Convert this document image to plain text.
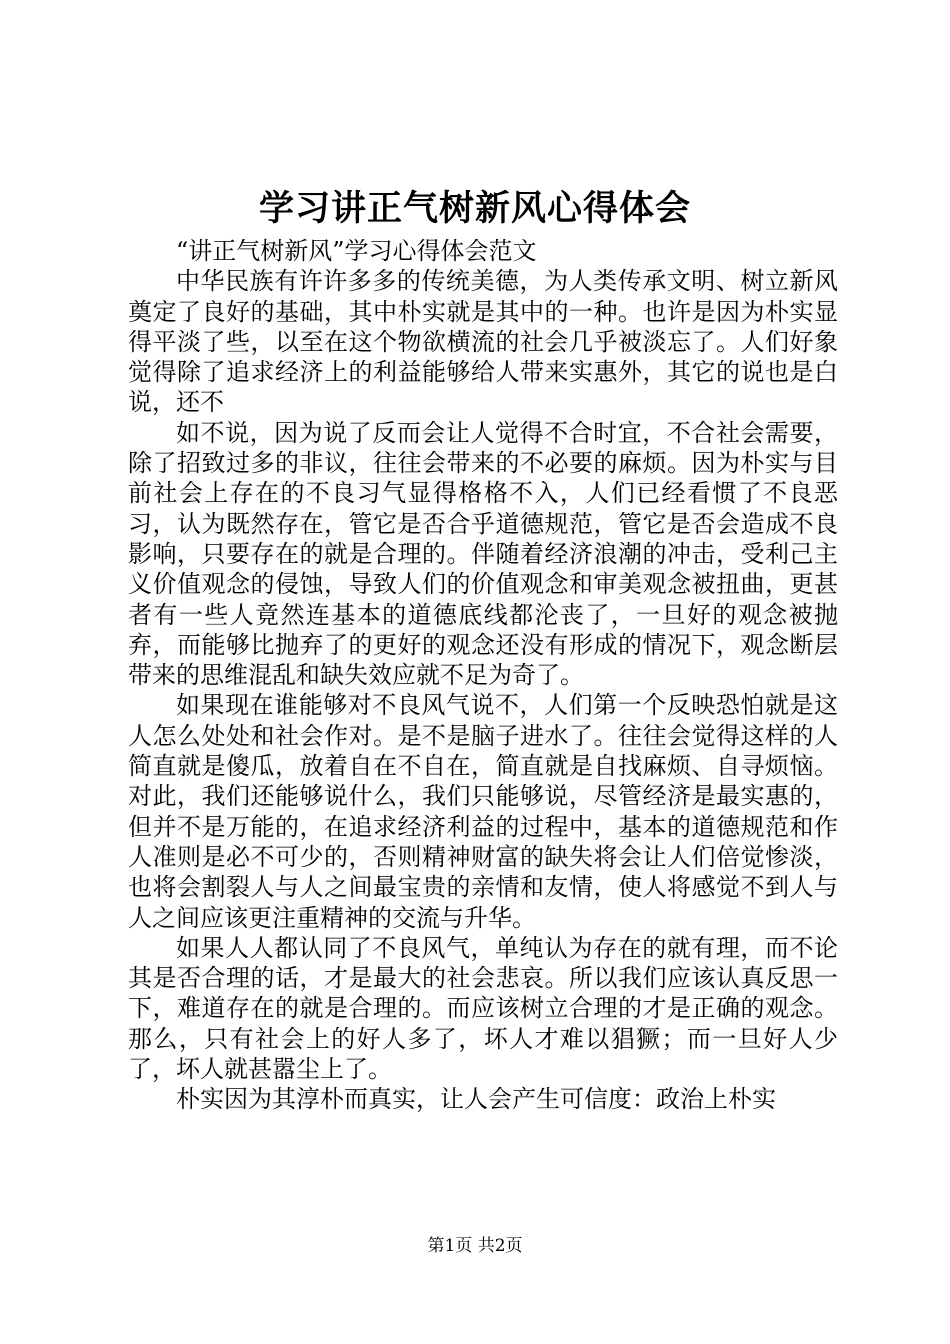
学习讲正气树新风心得体会

“讲正气树新风”学习心得体会范文

中华民族有许许多多的传统美德，为人类传承文明、树立新风奠定了良好的基础，其中朴实就是其中的一种。也许是因为朴实显得平淡了些，以至在这个物欲横流的社会几乎被淡忘了。人们好象觉得除了追求经济上的利益能够给人带来实惠外，其它的说也是白说，还不

如不说，因为说了反而会让人觉得不合时宜，不合社会需要，除了招致过多的非议，往往会带来的不必要的麻烦。因为朴实与目前社会上存在的不良习气显得格格不入，人们已经看惯了不良恶习，认为既然存在，管它是否合乎道德规范，管它是否会造成不良影响，只要存在的就是合理的。伴随着经济浪潮的冲击，受利己主义价值观念的侵蚀，导致人们的价值观念和审美观念被扭曲，更甚者有一些人竟然连基本的道德底线都沦丧了，一旦好的观念被抛弃，而能够比抛弃了的更好的观念还没有形成的情况下，观念断层带来的思维混乱和缺失效应就不足为奇了。

如果现在谁能够对不良风气说不，人们第一个反映恐怕就是这人怎么处处和社会作对。是不是脑子进水了。往往会觉得这样的人简直就是傻瓜，放着自在不自在，简直就是自找麻烦、自寻烦恼。对此，我们还能够说什么，我们只能够说，尽管经济是最实惠的，但并不是万能的，在追求经济利益的过程中，基本的道德规范和作人准则是必不可少的，否则精神财富的缺失将会让人们倍觉惨淡，也将会割裂人与人之间最宝贵的亲情和友情，使人将感觉不到人与人之间应该更注重精神的交流与升华。

如果人人都认同了不良风气，单纯认为存在的就有理，而不论其是否合理的话，才是最大的社会悲哀。所以我们应该认真反思一下，难道存在的就是合理的。而应该树立合理的才是正确的观念。那么，只有社会上的好人多了，坏人才难以猖獗；而一旦好人少了，坏人就甚嚣尘上了。

朴实因为其淳朴而真实，让人会产生可信度：政治上朴实

第1页 共2页
